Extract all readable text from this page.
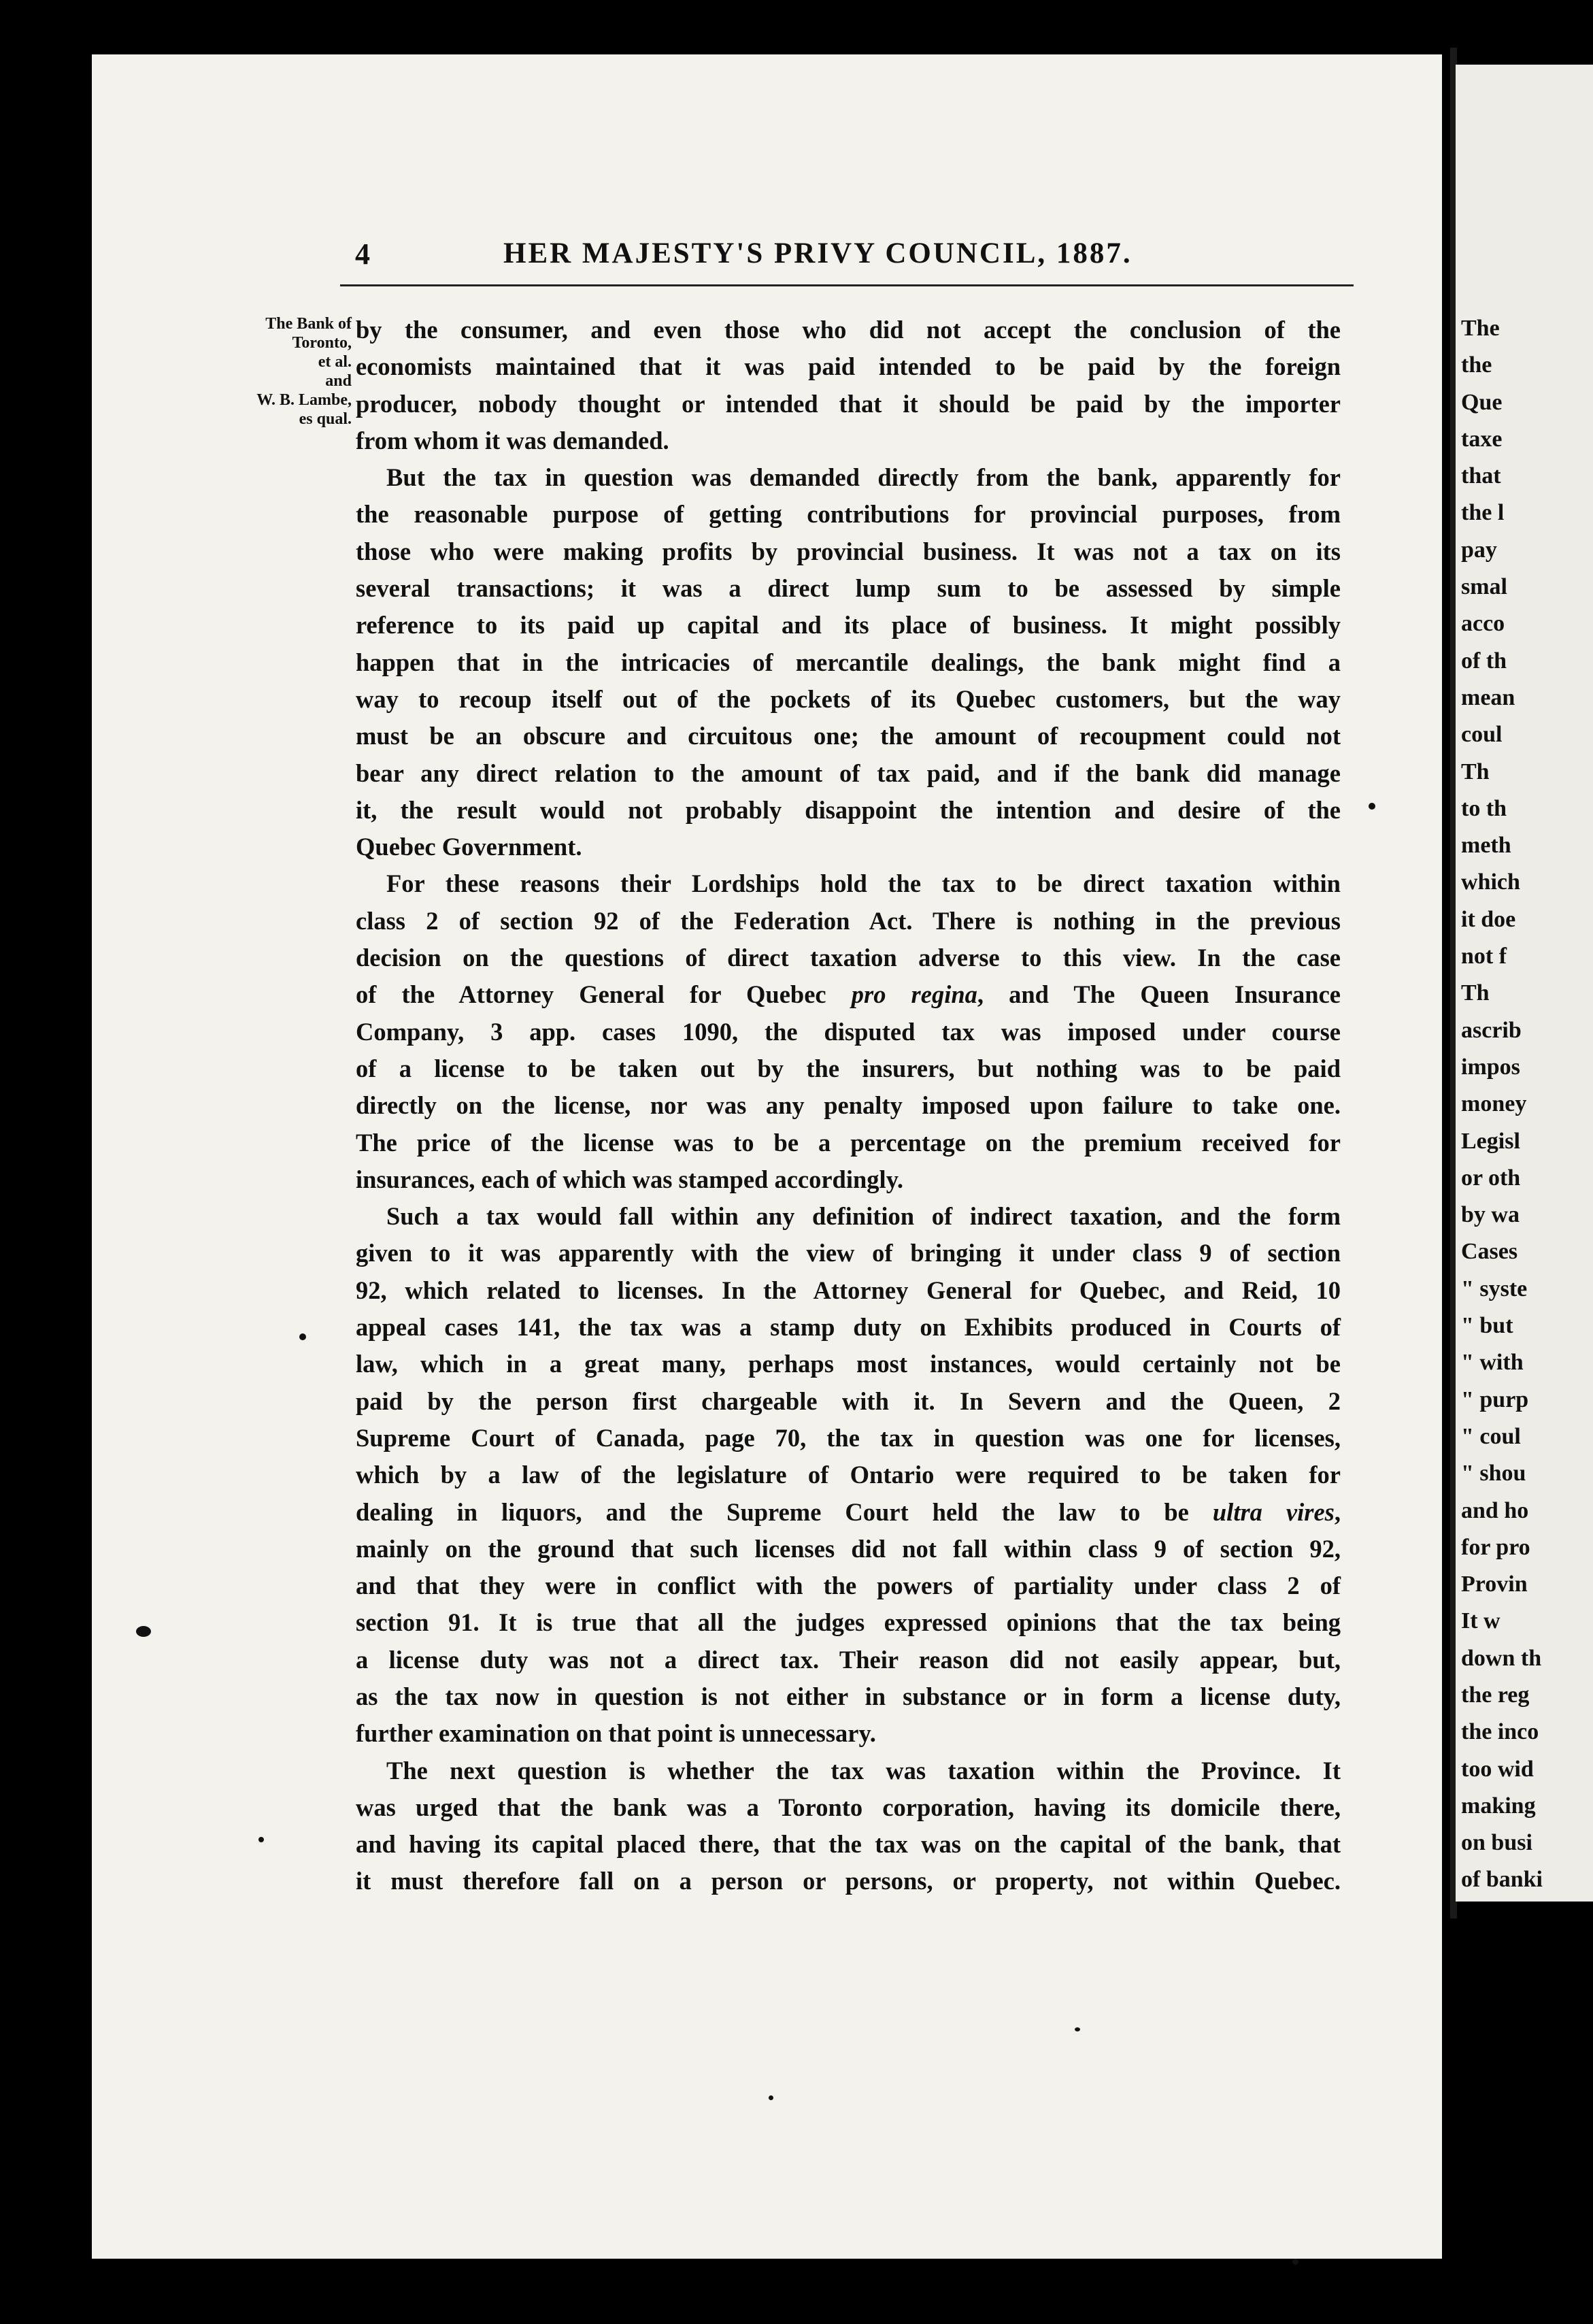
4	HER MAJESTY'S PRIVY COUNCIL, 1887.
The Bank of
Toronto,
et al.
and
W. B. Lambe,
es qual.
by the consumer, and even those who did not accept the conclusion of the
economists maintained that it was paid intended to be paid by the foreign
producer, nobody thought or intended that it should be paid by the importer
from whom it was demanded.
But the tax in question was demanded directly from the bank, apparently for
the reasonable purpose of getting contributions for provincial purposes, from
those who were making profits by provincial business. It was not a tax on its
several transactions; it was a direct lump sum to be assessed by simple
reference to its paid up capital and its place of business. It might possibly
happen that in the intricacies of mercantile dealings, the bank might find a
way to recoup itself out of the pockets of its Quebec customers, but the way
must be an obscure and circuitous one; the amount of recoupment could not
bear any direct relation to the amount of tax paid, and if the bank did manage
it, the result would not probably disappoint the intention and desire of the
Quebec Government.
For these reasons their Lordships hold the tax to be direct taxation within
class 2 of section 92 of the Federation Act. There is nothing in the previous
decision on the questions of direct taxation adverse to this view. In the case
of the Attorney General for Quebec pro regina, and The Queen Insurance
Company, 3 app. cases 1090, the disputed tax was imposed under course
of a license to be taken out by the insurers, but nothing was to be paid
directly on the license, nor was any penalty imposed upon failure to take one.
The price of the license was to be a percentage on the premium received for
insurances, each of which was stamped accordingly.
Such a tax would fall within any definition of indirect taxation, and the form
given to it was apparently with the view of bringing it under class 9 of section
92, which related to licenses. In the Attorney General for Quebec, and Reid, 10
appeal cases 141, the tax was a stamp duty on Exhibits produced in Courts of
law, which in a great many, perhaps most instances, would certainly not be
paid by the person first chargeable with it. In Severn and the Queen, 2
Supreme Court of Canada, page 70, the tax in question was one for licenses,
which by a law of the legislature of Ontario were required to be taken for
dealing in liquors, and the Supreme Court held the law to be ultra vires,
mainly on the ground that such licenses did not fall within class 9 of section 92,
and that they were in conflict with the powers of partiality under class 2 of
section 91. It is true that all the judges expressed opinions that the tax being
a license duty was not a direct tax. Their reason did not easily appear, but,
as the tax now in question is not either in substance or in form a license duty,
further examination on that point is unnecessary.
The next question is whether the tax was taxation within the Province. It
was urged that the bank was a Toronto corporation, having its domicile there,
and having its capital placed there, that the tax was on the capital of the bank, that
it must therefore fall on a person or persons, or property, not within Quebec.
The
the
Que
taxe
that
the l
pay
smal
acco
of th
mean
coul
Th
to th
meth
which
it doe
not f
Th
ascrib
impos
money
Legisl
or oth
by wa
Cases
" syste
" but
" with
" purp
" coul
" shou
and ho
for pro
Provin
It w
down th
the reg
the inco
too wid
making
on busi
of banki
